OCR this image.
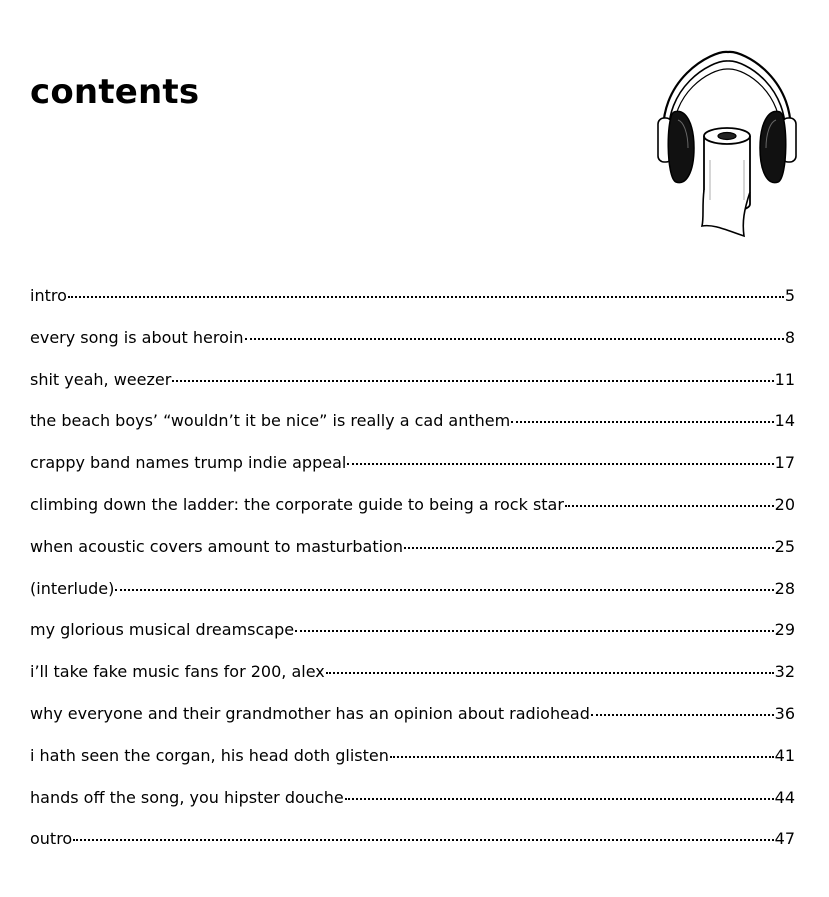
contents
intro	5
every song is about heroin	8
shit yeah, weezer	11
the beach boys’ “wouldn’t it be nice” is really a cad anthem	14
crappy band names trump indie appeal	17
climbing down the ladder: the corporate guide to being a rock star	20
when acoustic covers amount to masturbation	25
(interlude)	28
my glorious musical dreamscape	29
i’ll take fake music fans for 200, alex	32
why everyone and their grandmother has an opinion about radiohead	36
i hath seen the corgan, his head doth glisten	41
hands off the song, you hipster douche	44
outro	47
